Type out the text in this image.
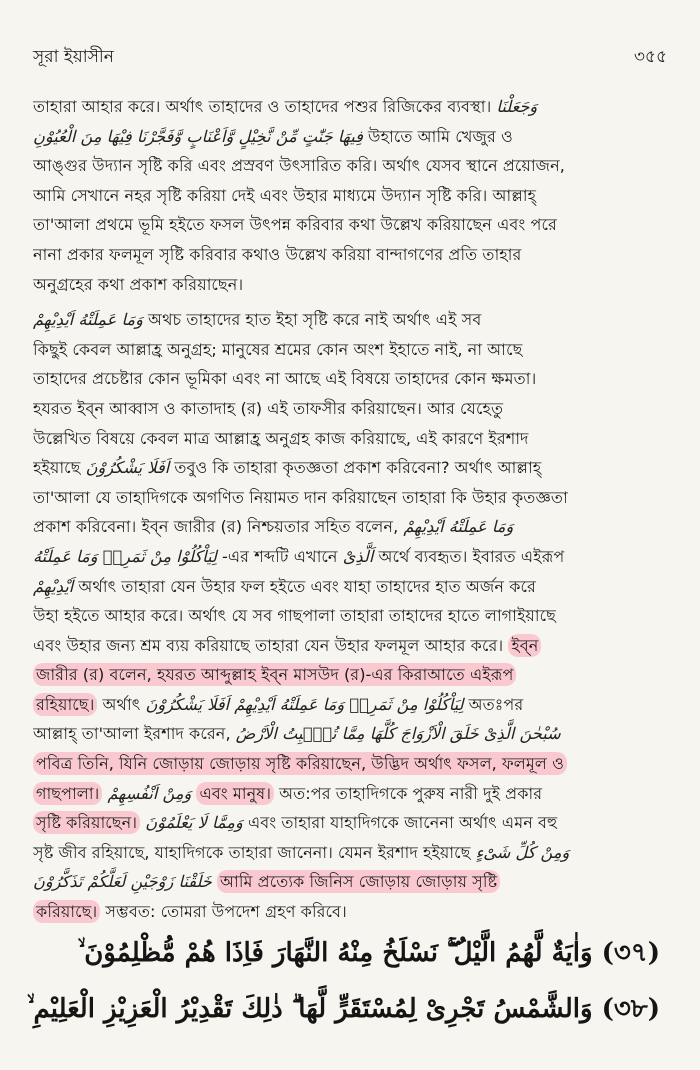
সূরা ইয়াসীন	৩৫৫
তাহারা আহার করে। অর্থাৎ তাহাদের ও তাহাদের পশুর রিজিকের ব্যবস্থা। وَجَعَلْنَا
فِيهَا جَنّٰتٍ مِّنْ نَّخِيْلٍ وَّاَعْنَابٍ وَّفَجَّرْنَا فِيْهَا مِنَ الْعُيُوْنِ উহাতে আমি খেজুর ও
আঙ্গুর উদ্যান সৃষ্টি করি এবং প্রস্রবণ উৎসারিত করি। অর্থাৎ যেসব স্থানে প্রয়োজন,
আমি সেখানে নহর সৃষ্টি করিয়া দেই এবং উহার মাধ্যমে উদ্যান সৃষ্টি করি। আল্লাহ্
তা'আলা প্রথমে ভূমি হইতে ফসল উৎপন্ন করিবার কথা উল্লেখ করিয়াছেন এবং পরে
নানা প্রকার ফলমূল সৃষ্টি করিবার কথাও উল্লেখ করিয়া বান্দাগণের প্রতি তাহার
অনুগ্রহের কথা প্রকাশ করিয়াছেন।
وَمَا عَمِلَتْهُ اَيْدِيْهِمْ অথচ তাহাদের হাত ইহা সৃষ্টি করে নাই অর্থাৎ এই সব
কিছুই কেবল আল্লাহ্র অনুগ্রহ; মানুষের শ্রমের কোন অংশ ইহাতে নাই, না আছে
তাহাদের প্রচেষ্টার কোন ভূমিকা এবং না আছে এই বিষয়ে তাহাদের কোন ক্ষমতা।
হযরত ইব্ন আব্বাস ও কাতাদাহ (র) এই তাফসীর করিয়াছেন। আর যেহেতু
উল্লেখিত বিষয়ে কেবল মাত্র আল্লাহ্র অনুগ্রহ কাজ করিয়াছে, এই কারণে ইরশাদ
হইয়াছে اَفَلَا يَشْكُرُوْنَ তবুও কি তাহারা কৃতজ্ঞতা প্রকাশ করিবেনা? অর্থাৎ আল্লাহ্
তা'আলা যে তাহাদিগকে অগণিত নিয়ামত দান করিয়াছেন তাহারা কি উহার কৃতজ্ঞতা
প্রকাশ করিবেনা। ইব্ন জারীর (র) নিশ্চয়তার সহিত বলেন, وَمَا عَمِلَتْهُ اَيْدِيْهِمْ
لِيَاْكُلُوْا مِنْ ثَمَرِهٖ وَمَا عَمِلَتْهُ -এর শব্দটি এখানে اَلَّذِىْ অর্থে ব্যবহৃত। ইবারত এইরূপ
اَيْدِيْهِمْ অর্থাৎ তাহারা যেন উহার ফল হইতে এবং যাহা তাহাদের হাত অর্জন করে
উহা হইতে আহার করে। অর্থাৎ যে সব গাছপালা তাহারা তাহাদের হাতে লাগাইয়াছে
এবং উহার জন্য শ্রম ব্যয় করিয়াছে তাহারা যেন উহার ফলমূল আহার করে। ইব্ন
জারীর (র) বলেন, হযরত আব্দুল্লাহ ইব্ন মাসউদ (র)-এর কিরাআতে এইরূপ
রহিয়াছে। অর্থাৎ لِيَاْكُلُوْا مِنْ ثَمَرِهٖ وَمَا عَمِلَتْهُ اَيْدِيْهِمْ اَفَلَا يَشْكُرُوْنَ অতঃপর
আল্লাহ্ তা'আলা ইরশাদ করেন, سُبْحٰنَ الَّذِىْ خَلَقَ الْاَزْوَاجَ كُلَّهَا مِمَّا تُنْۢبِتُ الْاَرْضُ
পবিত্র তিনি, যিনি জোড়ায় জোড়ায় সৃষ্টি করিয়াছেন, উদ্ভিদ অর্থাৎ ফসল, ফলমূল ও
গাছপালা। وَمِنْ اَنْفُسِهِمْ এবং মানুষ। অত:পর তাহাদিগকে পুরুষ নারী দুই প্রকার
সৃষ্টি করিয়াছেন। وَمِمَّا لَا يَعْلَمُوْنَ এবং তাহারা যাহাদিগকে জানেনা অর্থাৎ এমন বহু
সৃষ্ট জীব রহিয়াছে, যাহাদিগকে তাহারা জানেনা। যেমন ইরশাদ হইয়াছে وَمِنْ كُلِّ شَىْءٍ
خَلَقْنَا زَوْجَيْنِ لَعَلَّكُمْ تَذَكَّرُوْنَ আমি প্রত্যেক জিনিস জোড়ায় জোড়ায় সৃষ্টি
করিয়াছে। সম্ভবত: তোমরা উপদেশ গ্রহণ করিবে।
(৩৭) وَاٰيَةٌ لَّهُمُ الَّيْلُ ۖۚ نَسْلَخُ مِنْهُ النَّهَارَ فَاِذَا هُمْ مُّظْلِمُوْنَ ۙ
(৩৮) وَالشَّمْسُ تَجْرِىْ لِمُسْتَقَرٍّ لَّهَا ۗ ذٰلِكَ تَقْدِيْرُ الْعَزِيْزِ الْعَلِيْمِ ۙ
